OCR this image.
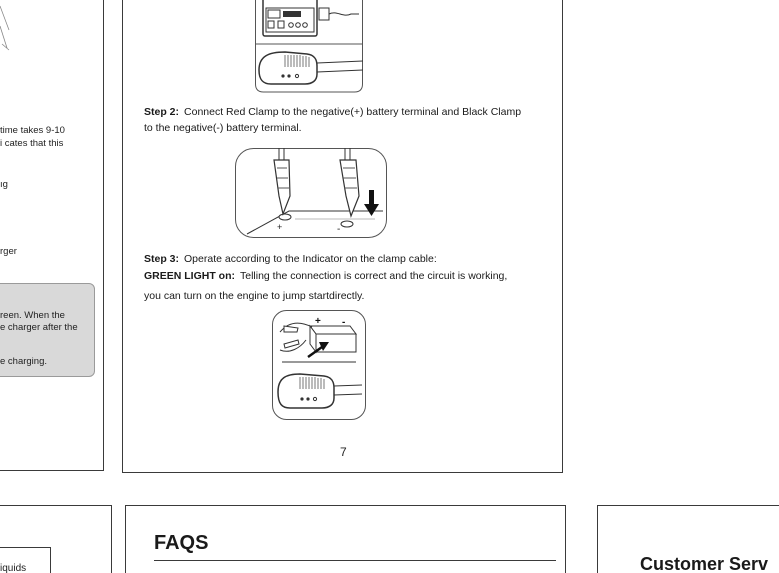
time takes 9-10
i cates that this
ıg
rger
reen. When the
e charger after the
e charging.
Step 2: Connect Red Clamp to the negative(+) battery terminal and Black Clamp
to the negative(-) battery terminal.
+	-
Step 3: Operate according to the Indicator on the clamp cable:
GREEN LIGHT on: Telling the connection is correct and the circuit is working,
you can turn on the engine to jump startdirectly.
+ -
7
iquids
FAQS
Customer Serv
